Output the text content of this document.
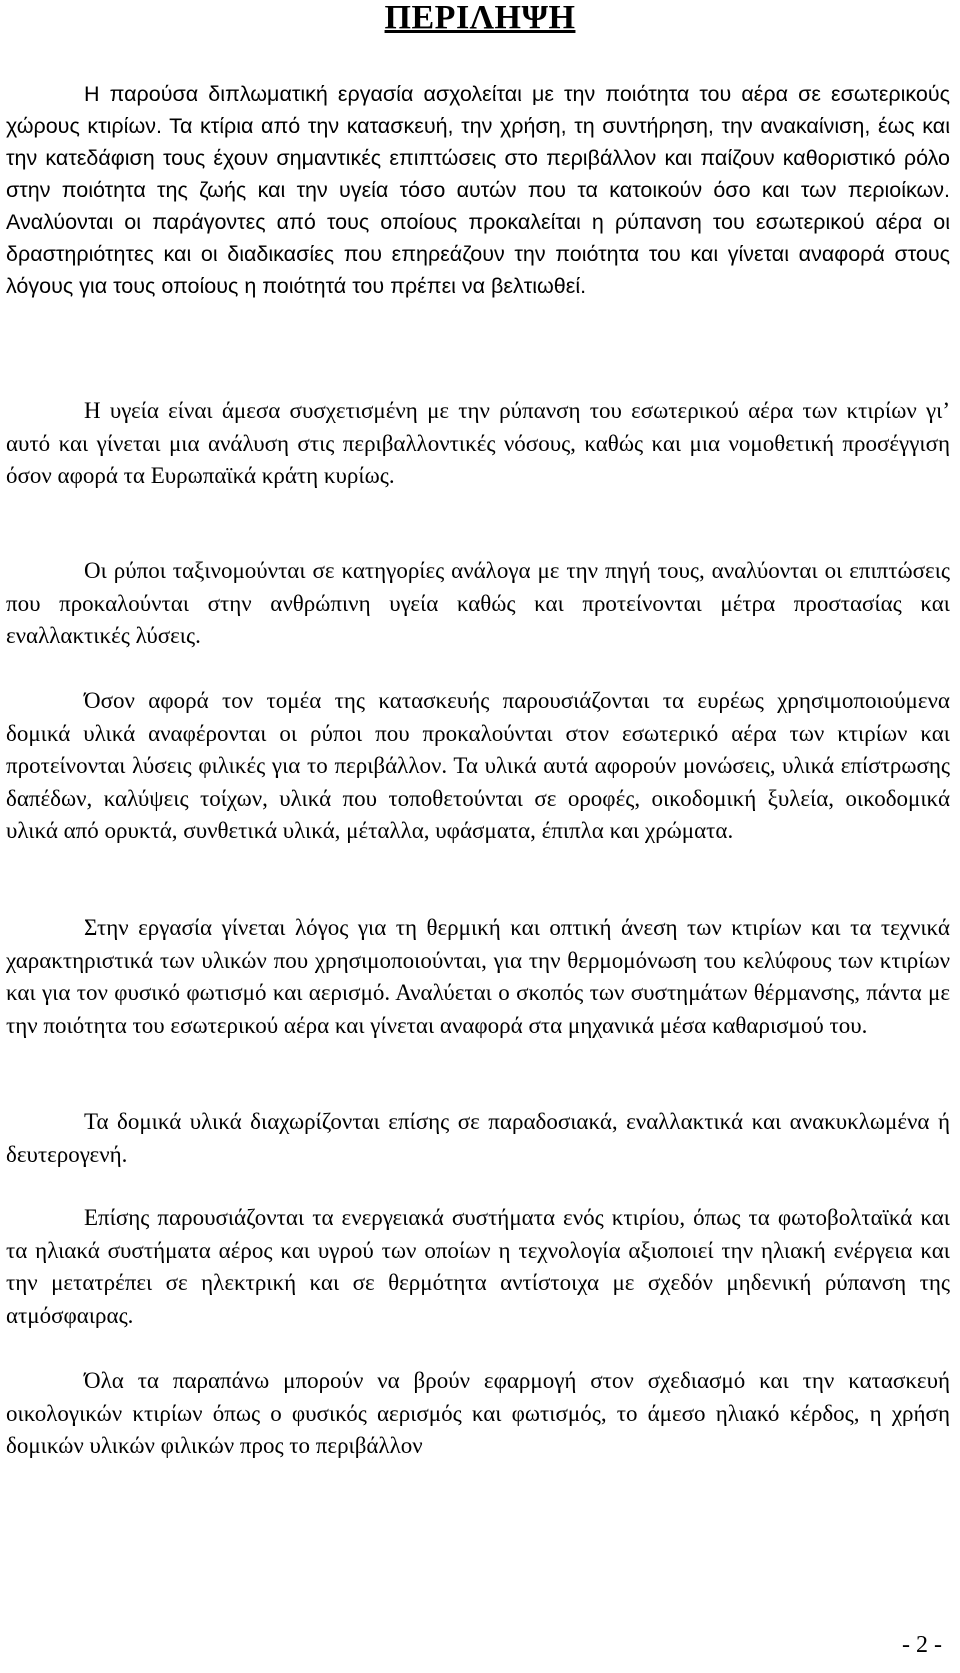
ΠΕΡΙΛΗΨΗ

Η παρούσα διπλωματική εργασία ασχολείται με την ποιότητα του αέρα σε εσωτερικούς χώρους κτιρίων. Τα κτίρια από την κατασκευή, την χρήση, τη συντήρηση, την ανακαίνιση, έως και την κατεδάφιση τους έχουν σημαντικές επιπτώσεις στο περιβάλλον και παίζουν καθοριστικό ρόλο στην ποιότητα της ζωής και την υγεία τόσο αυτών που τα κατοικούν όσο και των περιοίκων. Αναλύονται οι παράγοντες από τους οποίους προκαλείται η ρύπανση του εσωτερικού αέρα οι δραστηριότητες και οι διαδικασίες που επηρεάζουν την ποιότητα του και γίνεται αναφορά στους λόγους για τους οποίους η ποιότητά του πρέπει να βελτιωθεί.

Η υγεία είναι άμεσα συσχετισμένη με την ρύπανση του εσωτερικού αέρα των κτιρίων γι’ αυτό και γίνεται μια ανάλυση στις περιβαλλοντικές νόσους, καθώς και μια νομοθετική προσέγγιση όσον αφορά τα Ευρωπαϊκά κράτη κυρίως.

Οι ρύποι ταξινομούνται σε κατηγορίες ανάλογα με την πηγή τους, αναλύονται οι επιπτώσεις που προκαλούνται στην ανθρώπινη υγεία καθώς και προτείνονται μέτρα προστασίας και εναλλακτικές λύσεις.

Όσον αφορά τον τομέα της κατασκευής παρουσιάζονται τα ευρέως χρησιμοποιούμενα δομικά υλικά αναφέρονται οι ρύποι που προκαλούνται στον εσωτερικό αέρα των κτιρίων και προτείνονται λύσεις φιλικές για το περιβάλλον. Τα υλικά αυτά αφορούν μονώσεις, υλικά επίστρωσης δαπέδων, καλύψεις τοίχων, υλικά που τοποθετούνται σε οροφές, οικοδομική ξυλεία, οικοδομικά υλικά από ορυκτά, συνθετικά υλικά, μέταλλα, υφάσματα, έπιπλα και χρώματα.

Στην εργασία γίνεται λόγος για τη θερμική και οπτική άνεση των κτιρίων και τα τεχνικά χαρακτηριστικά των υλικών που χρησιμοποιούνται, για την θερμομόνωση του κελύφους των κτιρίων και για τον φυσικό φωτισμό και αερισμό. Αναλύεται ο σκοπός των συστημάτων θέρμανσης, πάντα με την ποιότητα του εσωτερικού αέρα και γίνεται αναφορά στα μηχανικά μέσα καθαρισμού του.

Τα δομικά υλικά διαχωρίζονται επίσης σε παραδοσιακά, εναλλακτικά και ανακυκλωμένα ή δευτερογενή.

Επίσης παρουσιάζονται τα ενεργειακά συστήματα ενός κτιρίου, όπως τα φωτοβολταϊκά και τα ηλιακά συστήματα αέρος και υγρού των οποίων η τεχνολογία αξιοποιεί την ηλιακή ενέργεια και την μετατρέπει σε ηλεκτρική και σε θερμότητα αντίστοιχα με σχεδόν μηδενική ρύπανση της ατμόσφαιρας.

Όλα τα παραπάνω μπορούν να βρούν εφαρμογή στον σχεδιασμό και την κατασκευή οικολογικών κτιρίων όπως ο φυσικός αερισμός και φωτισμός, το άμεσο ηλιακό κέρδος, η χρήση δομικών υλικών φιλικών προς το περιβάλλον

- 2 -
